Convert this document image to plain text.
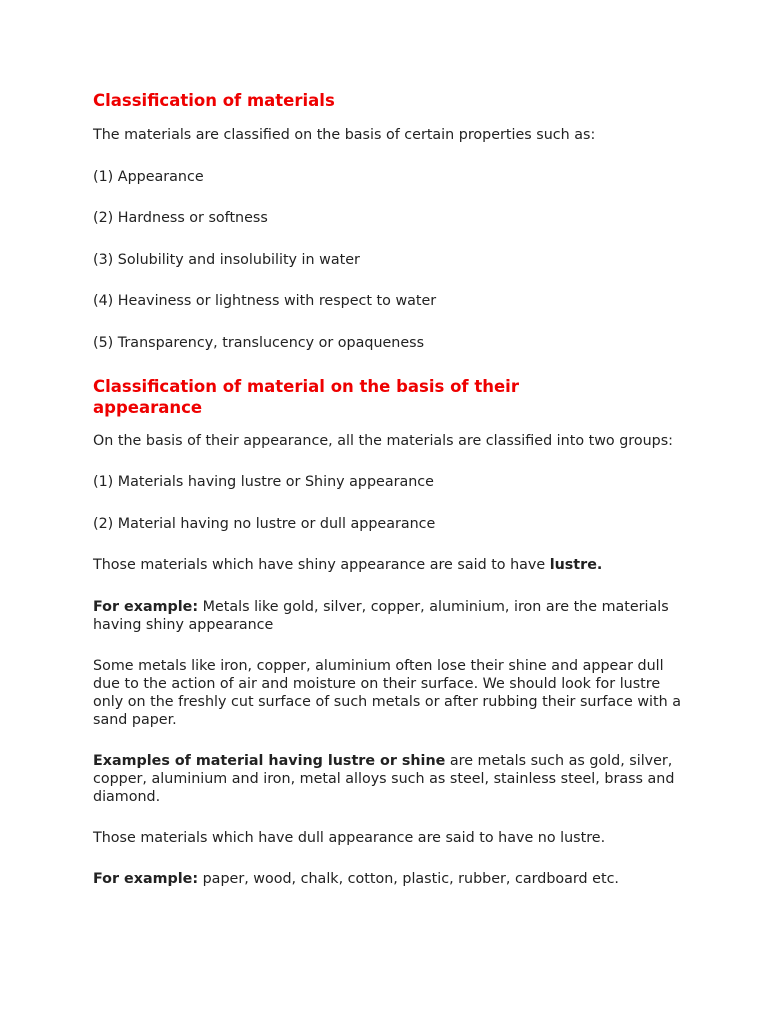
Classification of materials

The materials are classified on the basis of certain properties such as:

(1) Appearance

(2) Hardness or softness

(3) Solubility and insolubility in water

(4) Heaviness or lightness with respect to water

(5) Transparency, translucency or opaqueness

Classification of material on the basis of their appearance

On the basis of their appearance, all the materials are classified into two groups:

(1) Materials having lustre or Shiny appearance

(2) Material having no lustre or dull appearance

Those materials which have shiny appearance are said to have lustre.

For example: Metals like gold, silver, copper, aluminium, iron are the materials having shiny appearance

Some metals like iron, copper, aluminium often lose their shine and appear dull due to the action of air and moisture on their surface. We should look for lustre only on the freshly cut surface of such metals or after rubbing their surface with a sand paper.

Examples of material having lustre or shine are metals such as gold, silver, copper, aluminium and iron, metal alloys such as steel, stainless steel, brass and diamond.

Those materials which have dull appearance are said to have no lustre.

For example: paper, wood, chalk, cotton, plastic, rubber, cardboard etc.
